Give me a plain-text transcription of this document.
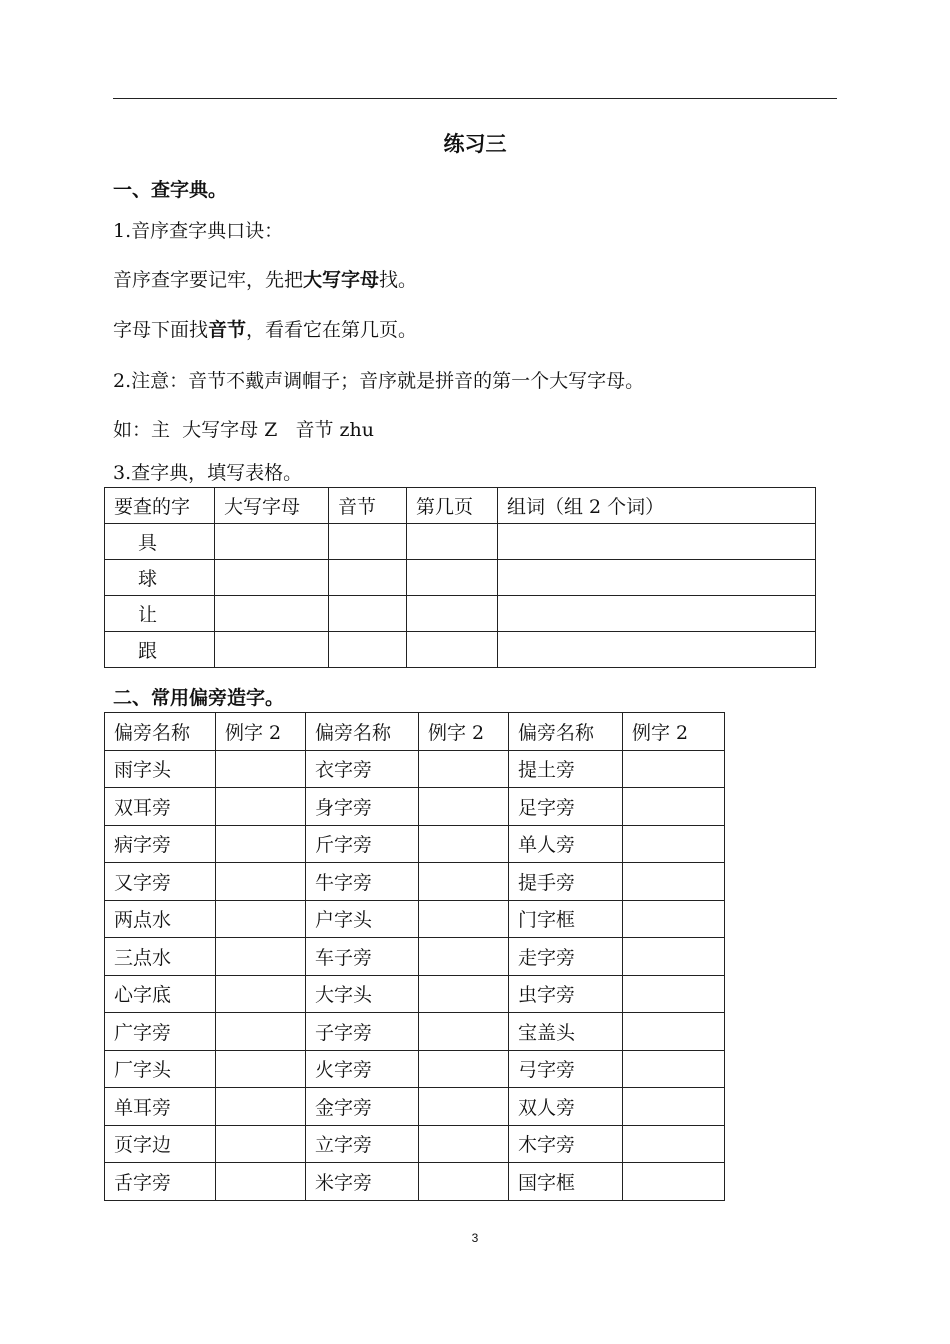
练习三
一、查字典。
1.音序查字典口诀：
音序查字要记牢，先把大写字母找。
字母下面找音节，看看它在第几页。
2.注意：音节不戴声调帽子；音序就是拼音的第一个大写字母。
如：主  大写字母 Z   音节 zhu
3.查字典，填写表格。
要查的字	大写字母	音节	第几页	组词（组 2 个词）
具				
球				
让				
跟				
二、常用偏旁造字。
偏旁名称	例字 2	偏旁名称	例字 2	偏旁名称	例字 2
雨字头		衣字旁		提土旁	
双耳旁		身字旁		足字旁	
病字旁		斤字旁		单人旁	
又字旁		牛字旁		提手旁	
两点水		户字头		门字框	
三点水		车子旁		走字旁	
心字底		大字头		虫字旁	
广字旁		子字旁		宝盖头	
厂字头		火字旁		弓字旁	
单耳旁		金字旁		双人旁	
页字边		立字旁		木字旁	
舌字旁		米字旁		国字框	
3
